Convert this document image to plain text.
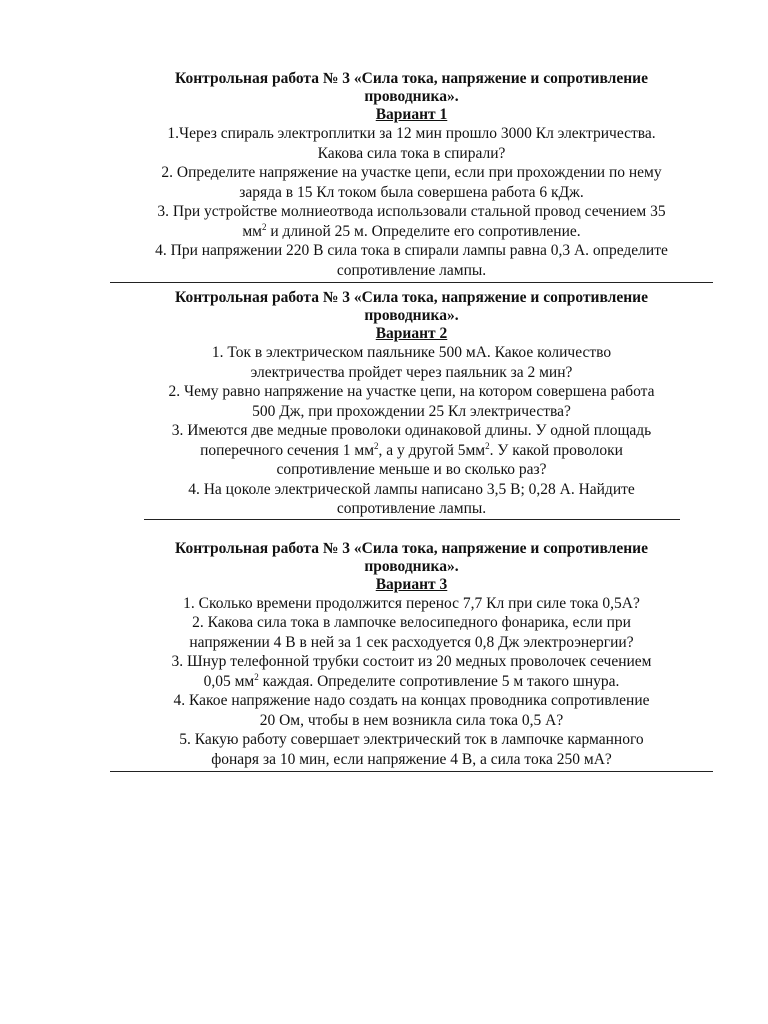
Контрольная работа № 3 «Сила тока, напряжение и сопротивление

проводника».

Вариант 1

1.Через спираль электроплитки за 12 мин прошло 3000 Кл электричества.

Какова сила тока в спирали?

2. Определите напряжение на участке цепи, если при прохождении по нему

заряда в 15 Кл током была совершена работа 6 кДж.

3. При устройстве молниеотвода использовали стальной провод сечением 35

$мм^2$ и длиной 25 м. Определите его сопротивление.

4. При напряжении 220 В сила тока в спирали лампы равна 0,3 А. определите

сопротивление лампы.

Контрольная работа № 3 «Сила тока, напряжение и сопротивление

проводника».

Вариант 2

1. Ток в электрическом паяльнике 500 мА. Какое количество

электричества пройдет через паяльник за 2 мин?

2. Чему равно напряжение на участке цепи, на котором совершена работа

500 Дж, при прохождении 25 Кл электричества?

3. Имеются две медные проволоки одинаковой длины. У одной площадь

поперечного сечения 1 $мм^2$, а у другой $5мм^2$. У какой проволоки

сопротивление меньше и во сколько раз?

4. На цоколе электрической лампы написано 3,5 В; 0,28 А. Найдите

сопротивление лампы.

Контрольная работа № 3 «Сила тока, напряжение и сопротивление

проводника».

Вариант 3

1. Сколько времени продолжится перенос 7,7 Кл при силе тока 0,5А?

2. Какова сила тока в лампочке велосипедного фонарика, если при

напряжении 4 В в ней за 1 сек расходуется 0,8 Дж электроэнергии?

3. Шнур телефонной трубки состоит из 20 медных проволочек сечением

0,05 $мм^2$ каждая. Определите сопротивление 5 м такого шнура.

4. Какое напряжение надо создать на концах проводника сопротивление

20 Ом, чтобы в нем возникла сила тока 0,5 А?

5. Какую работу совершает электрический ток в лампочке карманного

фонаря за 10 мин, если напряжение 4 В, а сила тока 250 мА?
